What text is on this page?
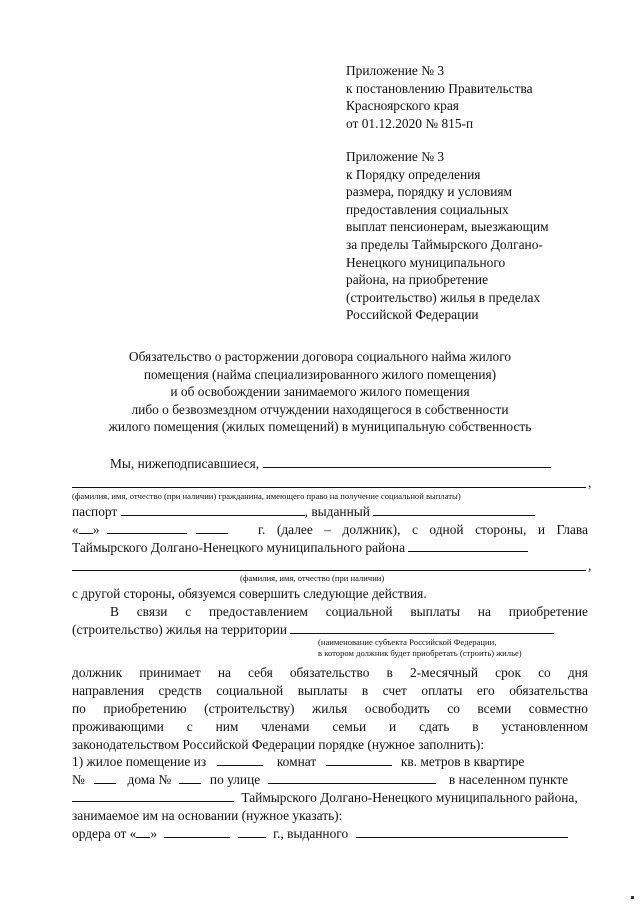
Приложение № 3
к постановлению Правительства
Красноярского края
от 01.12.2020 № 815-п
Приложение № 3
к Порядку определения
размера, порядку и условиям
предоставления социальных
выплат пенсионерам, выезжающим
за пределы Таймырского Долгано-
Ненецкого муниципального
района, на приобретение
(строительство) жилья в пределах
Российской Федерации
Обязательство о расторжении договора социального найма жилого
помещения (найма специализированного жилого помещения)
и об освобождении занимаемого жилого помещения
либо о безвозмездном отчуждении находящегося в собственности
жилого помещения (жилых помещений) в муниципальную собственность
Мы, нижеподписавшиеся,
,
(фамилия, имя, отчество (при наличии) гражданина, имеющего право на получение социальной выплаты)
паспорт	, выданный
« »	г. (далее – должник), с одной стороны, и Глава
Таймырского Долгано-Ненецкого муниципального района
,
(фамилия, имя, отчество (при наличии)
с другой стороны, обязуемся совершить следующие действия.
В связи с предоставлением социальной выплаты на приобретение
(строительство) жилья на территории
(наименование субъекта Российской Федерации,
в котором должник будет приобретать (строить) жилье)
должник принимает на себя обязательство в 2-месячный срок со дня
направления средств социальной выплаты в счет оплаты его обязательства
по приобретению (строительству) жилья освободить со всеми совместно
проживающими с ним членами семьи и сдать в установленном
законодательством Российской Федерации порядке (нужное заполнить):
1) жилое помещение из	комнат	кв. метров в квартире
№	дома №	по улице	в населенном пункте
Таймырского Долгано-Ненецкого муниципального района,
занимаемое им на основании (нужное указать):
ордера от « »	г., выданного
